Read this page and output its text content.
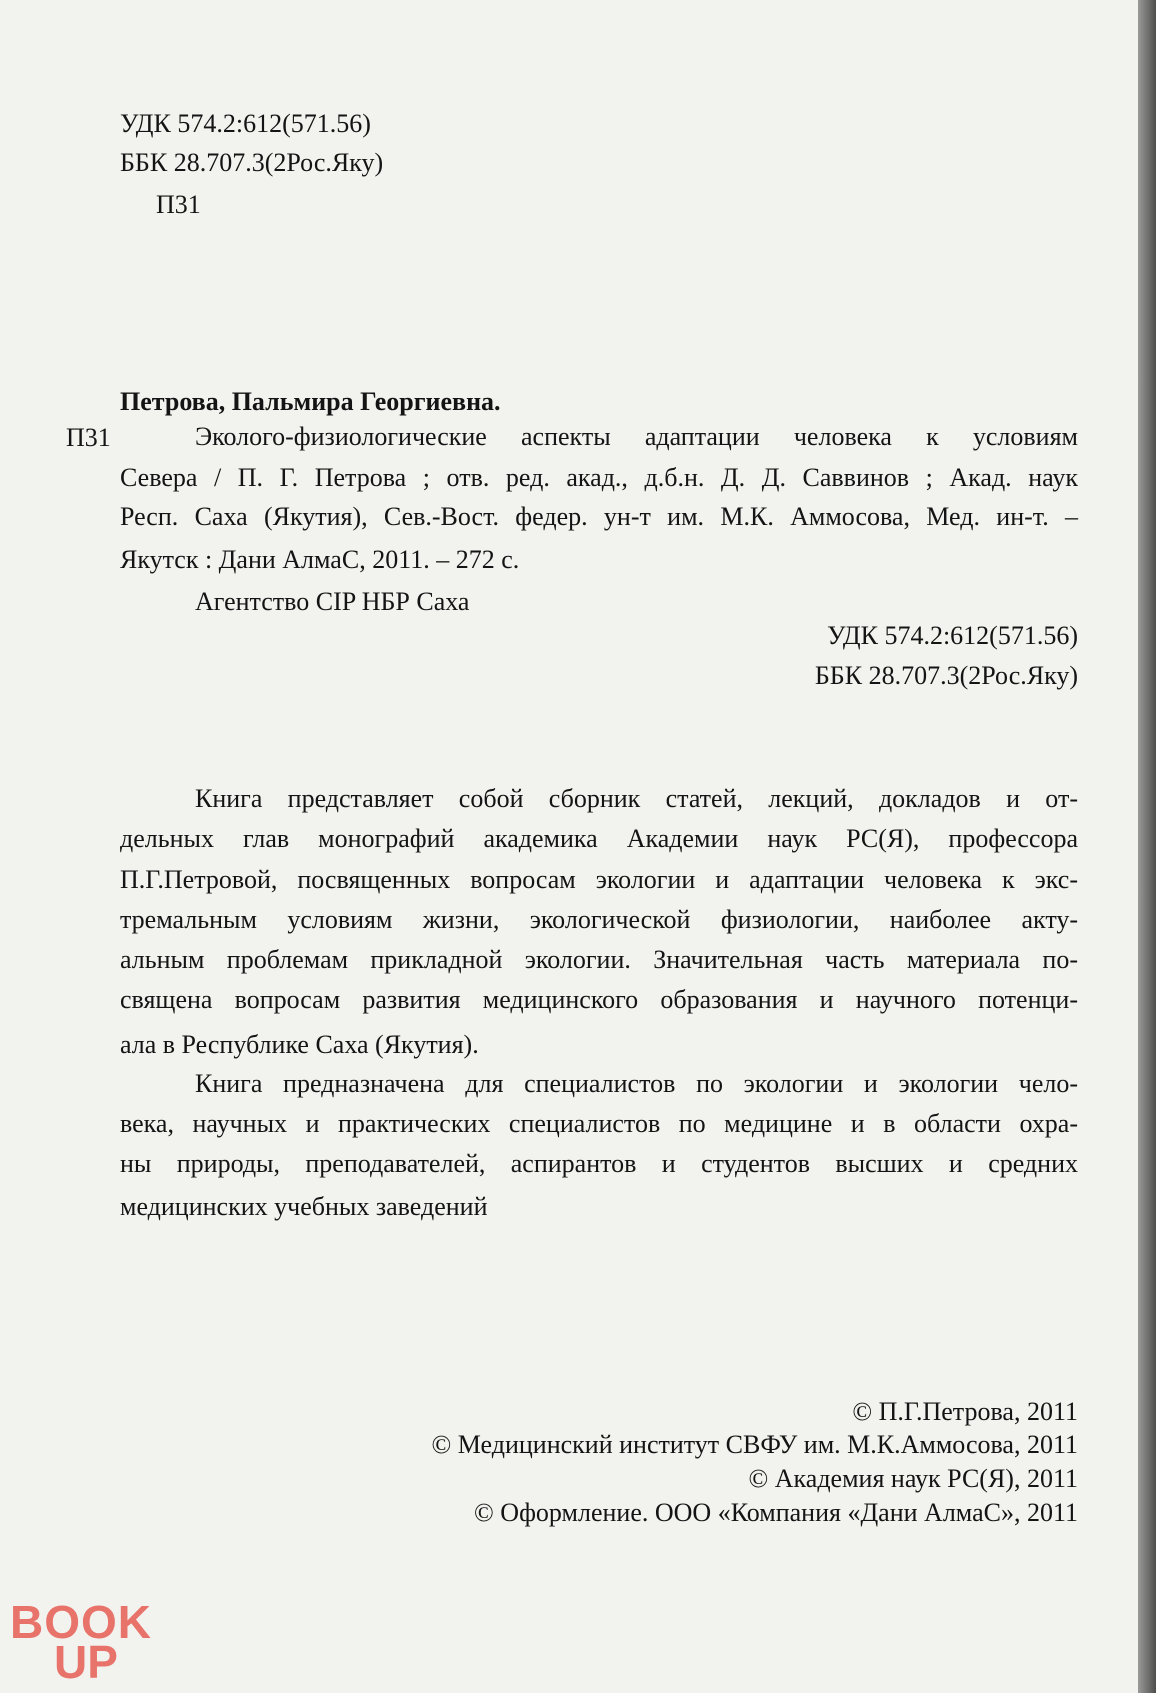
УДК 574.2:612(571.56)
ББК 28.707.3(2Рос.Яку)
П31
Петрова, Пальмира Георгиевна.
П31	Эколого-физиологические аспекты адаптации человека к условиям
Севера / П. Г. Петрова ; отв. ред. акад., д.б.н. Д. Д. Саввинов ; Акад. наук
Респ. Саха (Якутия), Сев.-Вост. федер. ун-т им. М.К. Аммосова, Мед. ин-т. –
Якутск : Дани АлмаС, 2011. – 272 с.
Агентство CIP НБР Саха
УДК 574.2:612(571.56)
ББК 28.707.3(2Рос.Яку)
Книга представляет собой сборник статей, лекций, докладов и от-
дельных глав монографий академика Академии наук РС(Я), профессора
П.Г.Петровой, посвященных вопросам экологии и адаптации человека к экс-
тремальным условиям жизни, экологической физиологии, наиболее акту-
альным проблемам прикладной экологии. Значительная часть материала по-
священа вопросам развития медицинского образования и научного потенци-
ала в Республике Саха (Якутия).
Книга предназначена для специалистов по экологии и экологии чело-
века, научных и практических специалистов по медицине и в области охра-
ны природы, преподавателей, аспирантов и студентов высших и средних
медицинских учебных заведений
© П.Г.Петрова, 2011
© Медицинский институт СВФУ им. М.К.Аммосова, 2011
© Академия наук РС(Я), 2011
© Оформление. ООО «Компания «Дани АлмаС», 2011
BOOK
UP
